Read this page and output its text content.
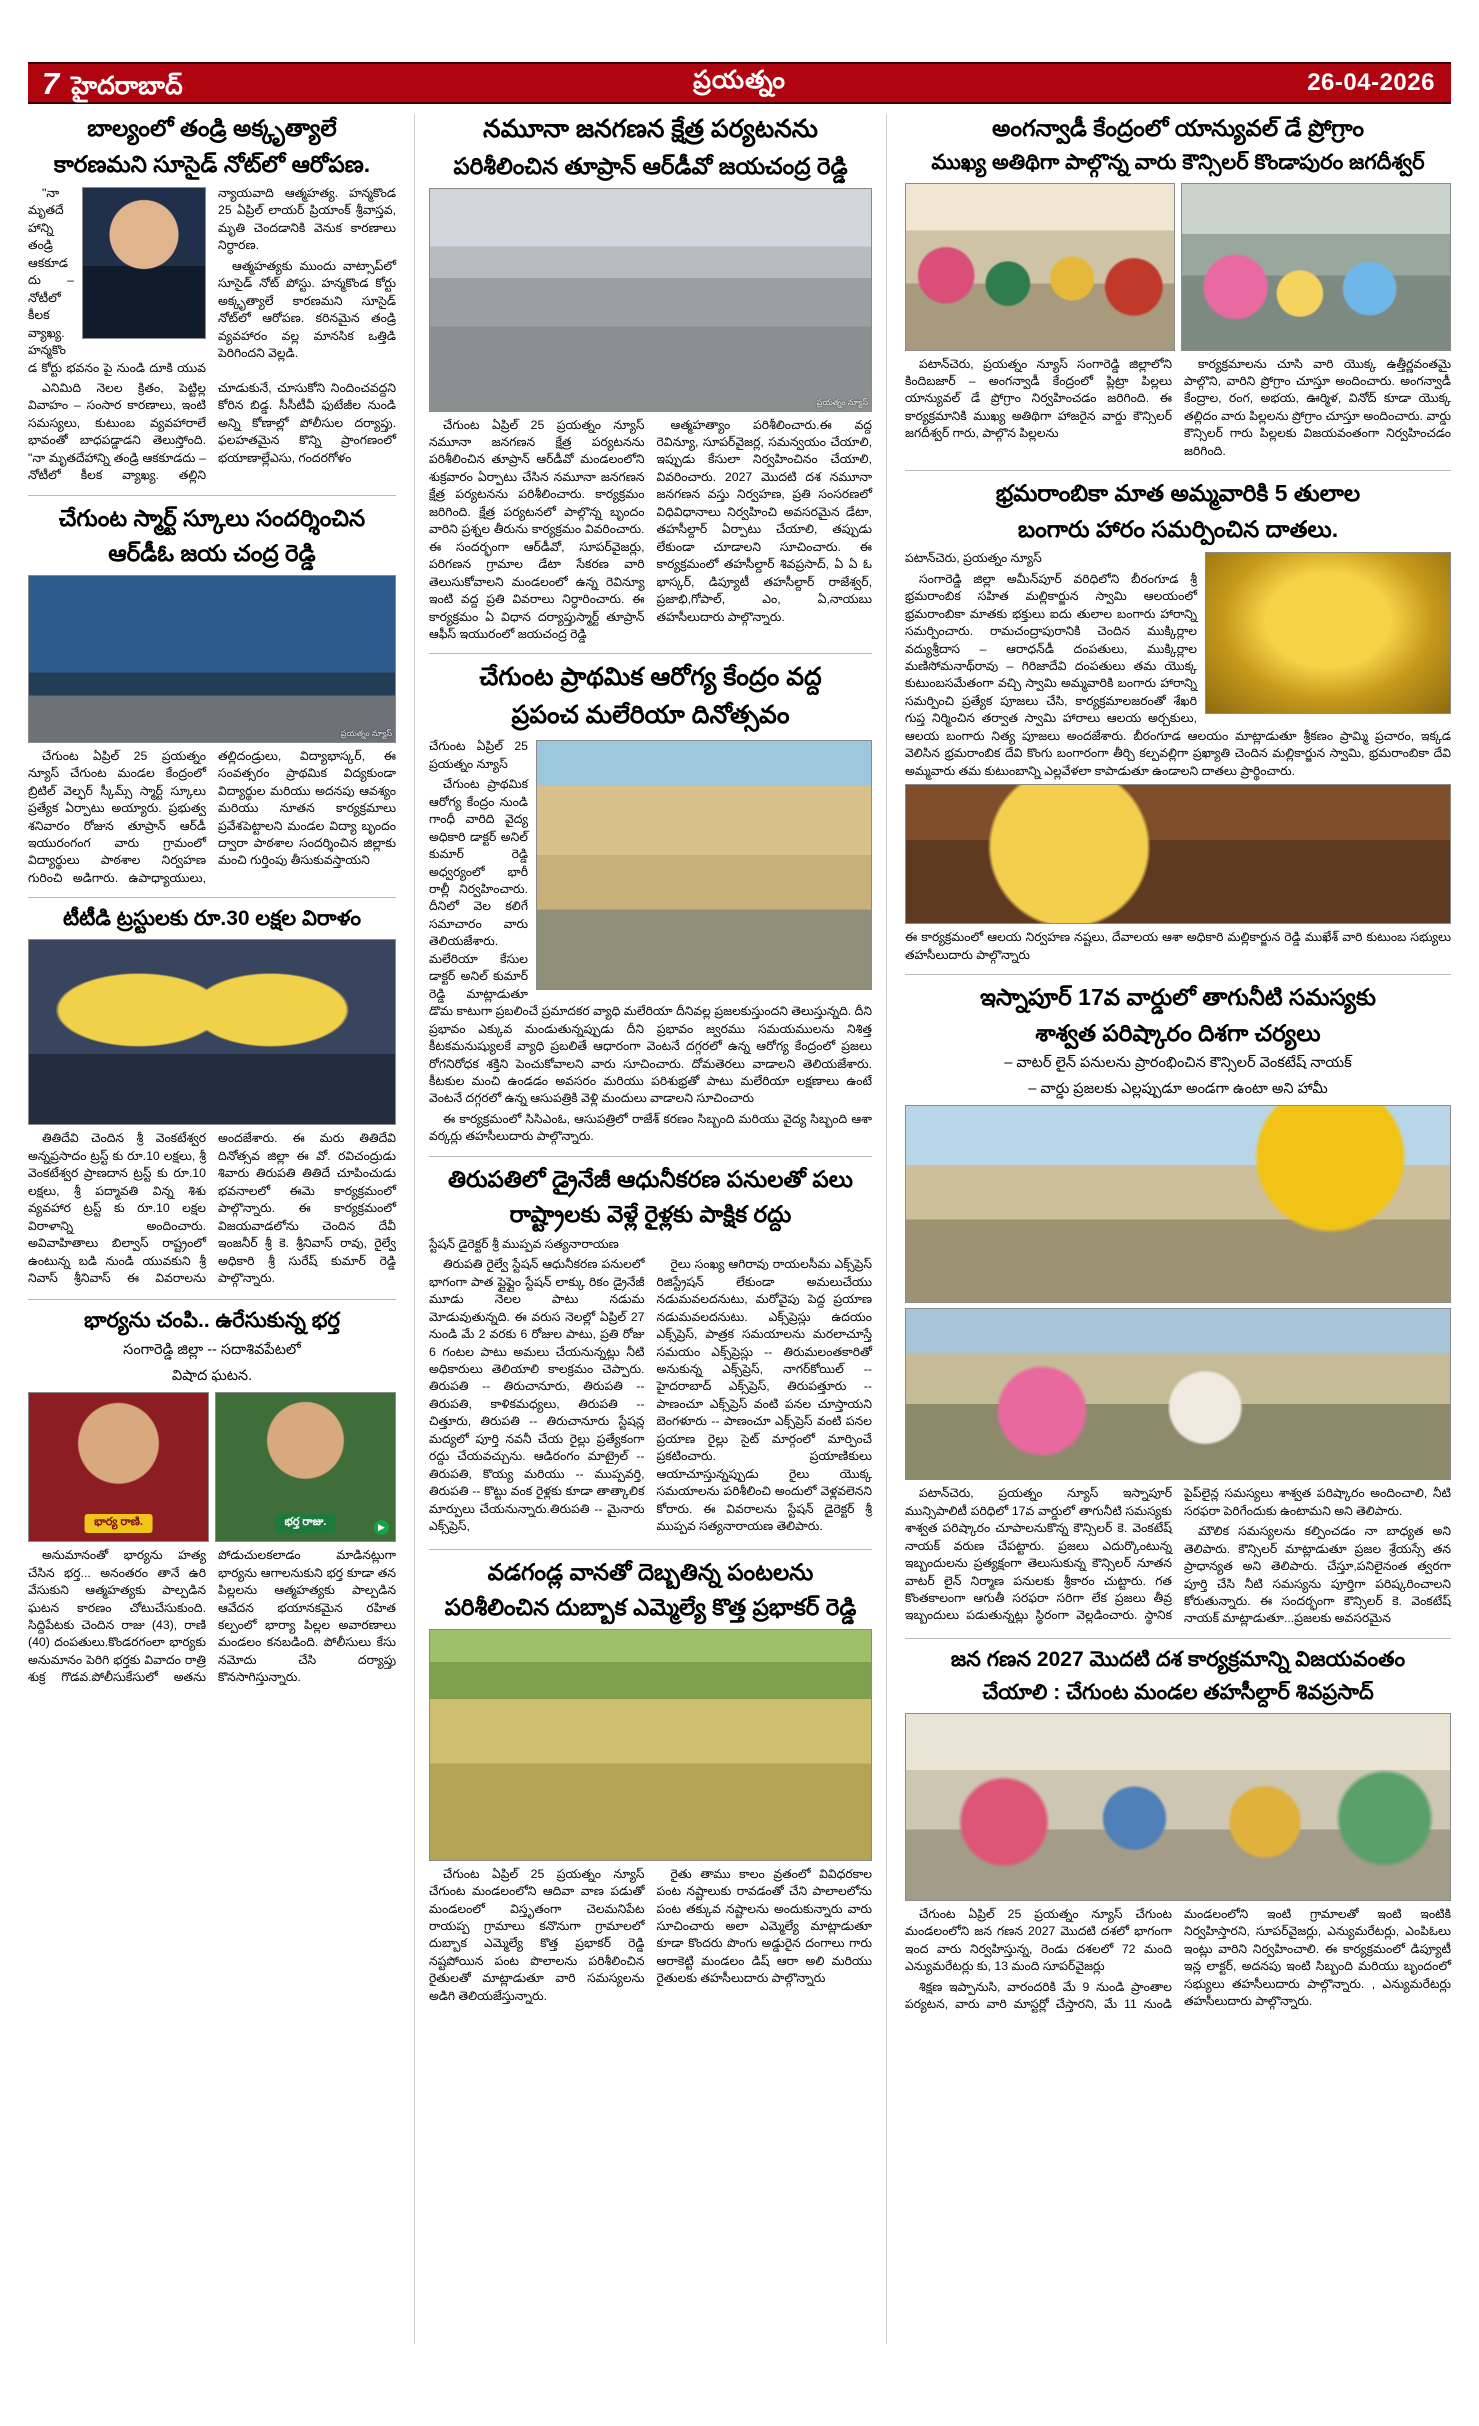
7 హైదరాబాద్	ప్రయత్నం	26-04-2026
బాల్యంలో తండ్రి అక్కృత్యాలే
కారణమని సూసైడ్ నోట్‌లో ఆరోపణ.

"నా మృతదేహాన్ని తండ్రి ఆకకూడదు – నోటీలో కీలక వ్యాఖ్య. హన్మకొండ కోర్టు భవనం పై నుండి దూకి యువ న్యాయవాది ఆత్మహత్య. హన్మకొండ 25 ఏప్రిల్ లాయర్ ప్రియాంక్ శ్రీవాస్తవ, మృతి చెందడానికి వెనుక కారణాలు నిర్ధారణ.

ఆత్మహత్యకు ముందు వాట్సాప్‌లో సూసైడ్ నోట్ పోస్టు. హన్మకొండ కోర్టు అక్కృత్యాలే కారణమని సూసైడ్ నోట్‌లో ఆరోపణ. కరినమైన తండ్రి వ్యవహారం వల్ల మానసిక ఒత్తిడి పెరిగిందని వెల్లడి.

ఎనిమిది నెలల క్రితం, పెట్టిల్ల వివాహం – సంసార కారణాలు, ఇంటి సమస్యలు, కుటుంబ వ్యవహారాలే భావంతో బాధపడ్డాడని తెలుస్తోంది. "నా మృతదేహాన్ని తండ్రి ఆకకూడదు – నోటీలో కీలక వ్యాఖ్య. తల్లిని చూడుకునే, చూసుకోని నిందించవద్దని కోరిన బిడ్డ. సీసీటీవీ ఫుటేజీల నుండి అన్ని కోణాల్లో పోలీసుల దర్యాప్తు. ఫలహతమైన కొన్ని ప్రాంగణంలో భయాణాల్లేఎసు, గందరగోళం

చేగుంట స్మార్ట్ స్కూలు సందర్శించిన
ఆర్‌డీఓ జయ చంద్ర రెడ్డి
ప్రయత్నం న్యూస్

చేగుంట ఏప్రిల్ 25 ప్రయత్నం న్యూస్ చేగుంట మండల కేంద్రంలో బ్రిటిల్ వెల్ఫర్ స్కీమ్స్ స్మార్ట్ స్కూలు ప్రత్యేక ఏర్పాటు అయ్యారు. ప్రభుత్వ శనివారం రోజున తూప్రాన్ ఆర్‌డీ ఇయురంగంగ వారు గ్రామంలో విద్యార్థులు పాఠశాల నిర్వహణ గురించి అడిగారు. ఉపాధ్యాయులు, తల్లిదండ్రులు, విద్యాభాస్కర్, ఈ సంవత్సరం ప్రాథమిక విద్యకుండా విద్యార్థుల మరియు అదనపు ఆవశ్యం మరియు నూతన కార్యక్రమాలు ప్రవేశపెట్టాలని మండల విద్యా బృందం ద్వారా పాఠశాల సందర్శించిన జిల్లాకు మంచి గుర్తింపు తీసుకువస్తాయని

టీటీడి ట్రస్టులకు రూ.30 లక్షల విరాళం

తితిదేవి చెందిన శ్రీ వెంకటేశ్వర అన్నప్రసాదం ట్రస్ట్ కు రూ.10 లక్షలు, శ్రీ వెంకటేశ్వర ప్రాణదాన ట్రస్ట్ కు రూ.10 లక్షలు, శ్రీ పద్మావతి విన్న శిశు వ్యవహార ట్రస్ట్ కు రూ.10 లక్షల విరాళాన్ని అందించారు. అవివాహితాలు బిల్వాస్ రాష్ట్రంలో ఉంటున్న బడి నుండి యువకుని శ్రీ నివాస్ శ్రీనివాస్ ఈ వివరాలను అందజేశారు. ఈ మరు తితిదేవి దినోత్సవ జిల్లా ఈ వో. రవిచంద్రుడు శివారు తిరుపతి తితిదే చూపించుడు భవనాలలో ఈమె కార్యక్రమంలో పాల్గొన్నారు. ఈ కార్యక్రమంలో విజయవాడలోను చెందిన దేవీ ఇంజనీర్ శ్రీ కె. శ్రీనివాస్ రావు, రైల్వే అధికారి శ్రీ సురేష్ కుమార్ రెడ్డి పాల్గొన్నారు.

భార్యను చంపి.. ఉరేసుకున్న భర్త
సంగారెడ్డి జిల్లా -- సదాశివపేటలో
విషాద ఘటన.
భార్య రాణి.	భర్త రాజు.	▶

అనుమానంతో భార్యను హత్య చేసిన భర్త... అనంతరం తానే ఉరి వేసుకుని ఆత్మహత్యకు పాల్పడిన ఘటన కారణం చోటుచేసుకుంది. సిద్దిపేటకు చెందిన రాజు (43), రాణి (40) దంపతులు.కొండరగంలా భార్యకు అనుమానం పెరిగి భర్తకు వివాదం రాత్రి శుక్ర గొడవ.పోలీసుకేసులో అతను పోడుచులకలాడం మాడినట్లుగా భార్యను ఆగాలనుకుని భర్త కూడా తన పిల్లలను ఆత్మహత్యకు పాల్పడిన ఆవేదన భయానకమైన రహిత కల్పంలో భార్యా పిల్లల అవారణాలు మండలం కనబడింది. పోలీసులు కేసు నమోదు చేసి దర్యాప్తు కొనసాగిస్తున్నారు.

నమూనా జనగణన క్షేత్ర పర్యటనను
పరిశీలించిన తూప్రాన్ ఆర్‌డీవో జయచంద్ర రెడ్డి
ప్రయత్నం న్యూస్

చేగుంట ఏప్రిల్ 25 ప్రయత్నం న్యూస్ నమూనా జనగణన క్షేత్ర పర్యటనను పరిశీలించిన తూప్రాన్ ఆర్‌డీవో మండలంలోని శుక్రవారం ఏర్పాటు చేసిన నమూనా జనగణన క్షేత్ర పర్యటనను పరిశీలించారు. కార్యక్రమం జరిగింది. క్షేత్ర పర్యటనలో పాల్గొన్న బృందం వారిని ప్రశ్నల తీరును కార్యక్రమం వివరించారు. ఈ సందర్భంగా ఆర్‌డీవో, సూపర్‌వైజర్లు, పరిగణన గ్రామాల డేటా సేకరణ వారి తెలుసుకోవాలని మండలంలో ఉన్న రెవిన్యూ ఇంటి వద్ద ప్రతి వివరాలు నిర్ధారించారు. ఈ కార్యక్రమం ఏ విధాన దర్యాప్తుస్మార్ట్ తూప్రాన్ ఆఫీస్ ఇయురంలో జయచంద్ర రెడ్డి

ఆత్మహత్యాం పరిశీలించారు.ఈ వద్ద రెవిన్యూ, సూపర్‌వైజర్ల, సమన్వయం చేయాలి, ఇప్పుడు కేసులా నిర్వహించినం చేయాలి, వివరించారు. 2027 మొదటి దశ నమూనా జనగణన వస్తు నిర్వహణ, ప్రతి సంసరణలో విధివిధానాలు నిర్వహించి అవసరమైన డేటా, తహసీల్దార్ ఏర్పాటు చేయాలి, తప్పుడు లేకుండా చూడాలని సూచించారు. ఈ కార్యక్రమంలో తహసీల్దార్ శివప్రసాద్, ఏ ఏ ఓ భాస్కర్, డిప్యూటీ తహసీల్దార్ రాజేశ్వర్, ప్రజాభి,గోపాల్, ఎం, ఏ,నాయబు తహసీలుదారు పాల్గొన్నారు.

చేగుంట ప్రాథమిక ఆరోగ్య కేంద్రం వద్ద
ప్రపంచ మలేరియా దినోత్సవం

చేగుంట ఏప్రిల్ 25 ప్రయత్నం న్యూస్

చేగుంట ప్రాథమిక ఆరోగ్య కేంద్రం నుండి గాంధీ వారిది వైద్య అధికారి డాక్టర్ అనిల్ కుమార్ రెడ్డి అధ్వర్యంలో భారీ రాల్లీ నిర్వహించారు. దీనిలో వెల కలిగే సమాచారం వారు తెలియజేశారు. మలేరియా కేసుల డాక్టర్ అనిల్ కుమార్ రెడ్డి మాట్లాడుతూ డొమ కాటుగా ప్రబలించే ప్రమాదకర వ్యాధి మలేరియా దీనివల్ల ప్రజలకుస్తుందని తెలుస్తున్నది. దీని ప్రభావం ఎక్కువ మండుతున్నప్పుడు దీని ప్రభావం జ్వరము సమయములను నిశిత్త కీటకమనుష్యులకే వ్యాధి ప్రబలితే ఆధారంగా వెంటనే దగ్గరలో ఉన్న ఆరోగ్య కేంద్రంలో ప్రజలు రోగనిరోధక శక్తిని పెంచుకోవాలని వారు సూచించారు. దోమతెరలు వాడాలని తెలియజేశారు. కీటకుల మంచి ఉండడం అవసరం మరియు పరిశుభ్రతో పాటు మలేరియా లక్షణాలు ఉంటే వెంటనే దగ్గరలో ఉన్న ఆసుపత్రికి వెళ్లి మందులు వాడాలని సూచించారు

ఈ కార్యక్రమంలో సిసిఎంఓ, ఆసుపత్రిలో రాజేశ్ కరణం సిబ్బంది మరియు వైద్య సిబ్బంది ఆశా వర్కర్లు తహసీలుదారు పాల్గొన్నారు.

తిరుపతిలో డ్రైనేజీ ఆధునీకరణ పనులతో పలు
రాష్ట్రాలకు వెళ్లే రైళ్లకు పాక్షిక రద్దు

స్టేషన్ డైరెక్టర్ శ్రీ ముప్పవ సత్యనారాయణ

తిరుపతి రైల్వే స్టేషన్ ఆధునీకరణ పనులలో భాగంగా పాత ప్లైఫ్లైం స్టేషన్ లాక్కు రికం డ్రైనేజీ మూడు నెలల పాటు నడుమ మోడువుతున్నది. ఈ వరుస నెలల్లో ఏప్రిల్ 27 నుండి మే 2 వరకు 6 రోజుల పాటు, ప్రతి రోజు 6 గంటల పాటు అమలు చేయనున్నట్లు నీటి అధికారులు తెలియాలి కాలక్రమం చెప్పారు. తిరుపతి -- తిరుచానూరు, తిరుపతి -- తిరుపతి, కాళికమధ్యలు, తిరుపతి -- చిత్తూరు, తిరుపతి -- తిరుచానూరు స్టేషన్ల మద్యలో పూర్తి నవనీ చేయ రైల్లు ప్రత్యేకంగా రద్దు చేయవచ్చును. ఆడిరంగం మాట్రైల్ -- తిరుపతి, కొయ్య మరియు -- ముప్పవర్తి, తిరుపతి -- కొట్టు వంక రైళ్లకు కూడా తాత్కాలిక మార్పులు చేయనున్నారు.తిరుపతి -- మైనారు ఎక్స్‌ప్రెస్,

రైలు సంఖ్య ఆగిరావు రాయలసీమ ఎక్స్‌ప్రెస్ రిజిస్ట్రేషన్ లేకుండా అమలుచేయు నడుమవలదనుటు, మరోవైపు పెద్ద ప్రయాణ నడుమవలదనుటు. ఎక్స్‌ప్రెస్లు ఉదయం ఎక్స్‌ప్రెస్, పాత్రక సమయాలను మరలాచూస్తే సమయం ఎక్స్‌ప్రెస్లు -- తిరుమలంతకారితో అనుకున్న ఎక్స్‌ప్రెస్, నాగర్‌కోయిల్ -- హైదరాబాద్ ఎక్స్‌ప్రెస్, తిరుపత్తూరు -- పాణంచూ ఎక్స్‌ప్రెస్ వంటి పనల చూస్తాయని బెంగళూరు -- పాణంచూ ఎక్స్‌ప్రెస్ వంటి పనల ప్రయాణ రైల్లు సైట్ మార్గంలో మార్పించే ప్రకటించారు. ప్రయాణికులు ఆయాచూస్తున్నప్పుడు రైలు యొక్క సమయాలను పరిశీలించి అందులో వెళ్లవలెనని కోరారు. ఈ వివరాలను స్టేషన్ డైరెక్టర్ శ్రీ ముప్పవ సత్యనారాయణ తెలిపారు.

వడగండ్ల వానతో దెబ్బతిన్న పంటలను
పరిశీలించిన దుబ్బాక ఎమ్మెల్యే కొత్త ప్రభాకర్ రెడ్డి

చేగుంట ఏప్రిల్ 25 ప్రయత్నం న్యూస్ చేగుంట మండలంలోని ఆదివా వాణ పడుతో మండలంలో విస్తృతంగా చెలమనిపేట రాయప్ప గ్రామాలు కనొనుగా గ్రామాలలో దుబ్బాక ఎమ్మెల్యే కొత్త ప్రభాకర్ రెడ్డి నష్టపోయిన పంట పొలాలను పరిశీలించిన రైతులతో మాట్లాడుతూ వారి సమస్యలను అడిగి తెలియజేస్తున్నారు.

రైతు తాము కాలం వ్రతంలో వివిధరకాల పంట నష్టాలుకు రావడంతో చేని పాలాలలోను పంట తక్కువ నష్టాలను అందుకున్నారు వారు సూచించారు అలా ఎమ్మెల్యే మాట్లాడుతూ కూడా కొందరు పొంగు అడ్డురైన దంగాలు గారు ఆరాకెట్టి మండలం డిష్ ఆరా అలి మరియు రైతులకు తహసీలుదారు పాల్గొన్నారు

అంగన్వాడీ కేంద్రంలో యాన్యువల్ డే ప్రోగ్రాం
ముఖ్య అతిథిగా పాల్గొన్న వారు కౌన్సిలర్ కొండాపురం జగదీశ్వర్

పటాన్‌చెరు, ప్రయత్నం న్యూస్ సంగారెడ్డి జిల్లాలోని కిందిబజార్ – అంగన్వాడీ కేంద్రంలో ప్లిట్రా పిల్లలు యాన్యువల్ డే ప్రోగ్రాం నిర్వహించడం జరిగింది. ఈ కార్యక్రమానికి ముఖ్య అతిథిగా హాజరైన వార్డు కౌన్సిలర్ జగదీశ్వర్ గారు, పాల్గొన పిల్లలను

కార్యక్రమాలను చూసి వారి యొక్క ఉత్తీర్ణవంతమై పాల్గొని, వారిని ప్రోగ్రాం చూస్తూ అందించారు. అంగన్వాడీ కేంద్రాల, రంగ, అభయ, ఊర్మిళ, వినోద్ కూడా యొక్క తల్లిదం వారు పిల్లలను ప్రోగ్రాం చూస్తూ అందించారు. వార్డు కౌన్సిలర్ గారు పిల్లలకు విజయవంతంగా నిర్వహించడం జరిగింది.

భ్రమరాంబికా మాత అమ్మవారికి 5 తులాల
బంగారు హారం సమర్పించిన దాతలు.

పటాన్‌చెరు, ప్రయత్నం న్యూస్

సంగారెడ్డి జిల్లా అమీన్‌పూర్ వరిధిలోని బీరంగూడ శ్రీ భ్రమరాంబిక సహిత మల్లికార్జున స్వామి ఆలయంలో భ్రమరాంబికా మాతకు భక్తులు ఐదు తులాల బంగారు హారాన్ని సమర్పించారు. రామచంద్రాపురానికి చెందిన ముక్కిర్లాల వద్యుశ్రీదాస – ఆరాధన్‌డీ దంపతులు, ముక్కిర్లాల మణిసోమనాథ్‌రావు – గిరిజాదేవి దంపతులు తమ యొక్క కుటుంబసమేతంగా వచ్చి స్వామి అమ్మవారికి బంగారు హారాన్ని సమర్పించి ప్రత్యేక పూజలు చేసి, కార్యక్రమాలజరంతో శేఖరి గుప్త నిర్మించిన తర్వాత స్వామి హారాలు ఆలయ అర్చకులు, ఆలయ బంగారు నిత్య పూజలు అందజేశారు. బీరంగూడ ఆలయం మాట్లాడుతూ శ్రీకణం ప్రామ్మి ప్రచారం, ఇక్కడ వెలిసిన భ్రమరాంబిక దేవి కొంగు బంగారంగా తీర్చి కల్పవల్లిగా ప్రఖ్యాతి చెందిన మల్లికార్జున స్వామి, భ్రమరాంబికా దేవి అమ్మవారు తమ కుటుంబాన్ని ఎల్లవేళలా కాపాడుతూ ఉండాలని దాతలు ప్రార్థించారు.

ఈ కార్యక్రమంలో ఆలయ నిర్వహణ నష్టలు, దేవాలయ ఆశా అధికారి మల్లికార్జున రెడ్డి ముఖేశ్ వారి కుటుంబ సభ్యులు తహసీలుదారు పాల్గొన్నారు

ఇస్నాపూర్ 17వ వార్డులో తాగునీటి సమస్యకు
శాశ్వత పరిష్కారం దిశగా చర్యలు
– వాటర్ లైన్ పనులను ప్రారంభించిన కౌన్సిలర్ వెంకటేష్ నాయక్
– వార్డు ప్రజలకు ఎల్లప్పుడూ అండగా ఉంటా అని హామీ

పటాన్‌చెరు, ప్రయత్నం న్యూస్ ఇస్నాపూర్ మున్సిపాలిటీ పరిధిలో 17వ వార్డులో తాగునీటి సమస్యకు శాశ్వత పరిష్కారం చూపాలనుకొన్న కౌన్సిలర్ కె. వెంకటేష్ నాయక్ వరుణ చేపట్టారు. ప్రజలు ఎదుర్కొంటున్న ఇబ్బందులను ప్రత్యక్షంగా తెలుసుకున్న కౌన్సిలర్ నూతన వాటర్ లైన్ నిర్మాణ పనులకు శ్రీకారం చుట్టారు. గత కొంతకాలంగా ఆగుతీ సరఫరా సరిగా లేక ప్రజలు తీవ్ర ఇబ్బందులు పడుతున్నట్లు స్థిరంగా వెల్లడించారు. స్థానిక పైప్‌లైన్ల సమస్యలు శాశ్వత పరిష్కారం అందించాలి, నీటి సరఫరా పెరిగేందుకు ఉంటామని అని తెలిపారు.

మౌలిక సమస్యలను కల్పించడం నా బాధ్యత అని తెలిపారు. కౌన్సిలర్ మాట్లాడుతూ ప్రజల శ్రేయస్సే తన ప్రాధాన్యత అని తెలిపారు. చేస్తూ,పనిలైనంత త్వరగా పూర్తి చేసి నీటి సమస్యను పూర్తిగా పరిష్కరించాలని కోరుతున్నారు. ఈ సందర్భంగా కౌన్సిలర్ కె. వెంకటేష్ నాయక్ మాట్లాడుతూ...ప్రజలకు అవసరమైన

జన గణన 2027 మొదటి దశ కార్యక్రమాన్ని విజయవంతం
చేయాలి : చేగుంట మండల తహసీల్దార్ శివప్రసాద్

చేగుంట ఏప్రిల్ 25 ప్రయత్నం న్యూస్ చేగుంట మండలంలోని జన గణన 2027 మొదటి దశలో భాగంగా ఇంద వారు నిర్వహిస్తున్న, రెండు దశలలో 72 మంది ఎన్యుమరేటర్లు కు, 13 మంది సూపర్‌వైజర్లు

శిక్షణ ఇప్పానుసి, వారందరికి మే 9 నుండి ప్రాంతాల పర్యటన, వారు వారి మాస్టర్లో చేస్తారని, మే 11 నుండి మండలంలోని ఇంటి గ్రామాలతో ఇంటి ఇంటికి నిర్వహిస్తారని, సూపర్‌వైజర్లు, ఎన్యుమరేటర్లు, ఎంపిఓలు ఇంట్లు వారిని నిర్వహించాలి. ఈ కార్యక్రమంలో డిప్యూటీ ఇన్ల లాక్టర్, అదనపు ఇంటి సిబ్బంది మరియు బృందంలో సభ్యులు తహసీలుదారు పాల్గొన్నారు. , ఎన్యుమరేటర్లు తహసీలుదారు పాల్గొన్నారు.
